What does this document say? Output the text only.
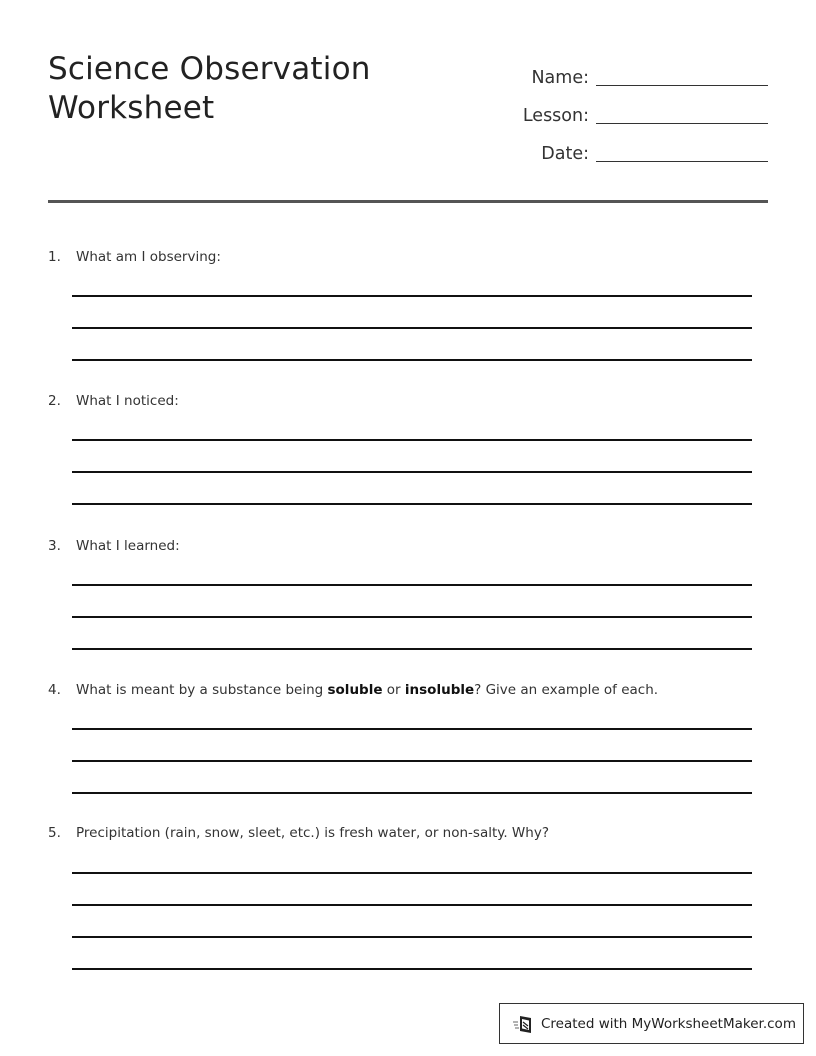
Science Observation
Worksheet
Name:
Lesson:
Date:
1.	What am I observing:
2.	What I noticed:
3.	What I learned:
4.	What is meant by a substance being soluble or insoluble? Give an example of each.
5.	Precipitation (rain, snow, sleet, etc.) is fresh water, or non-salty. Why?
Created with MyWorksheetMaker.com
